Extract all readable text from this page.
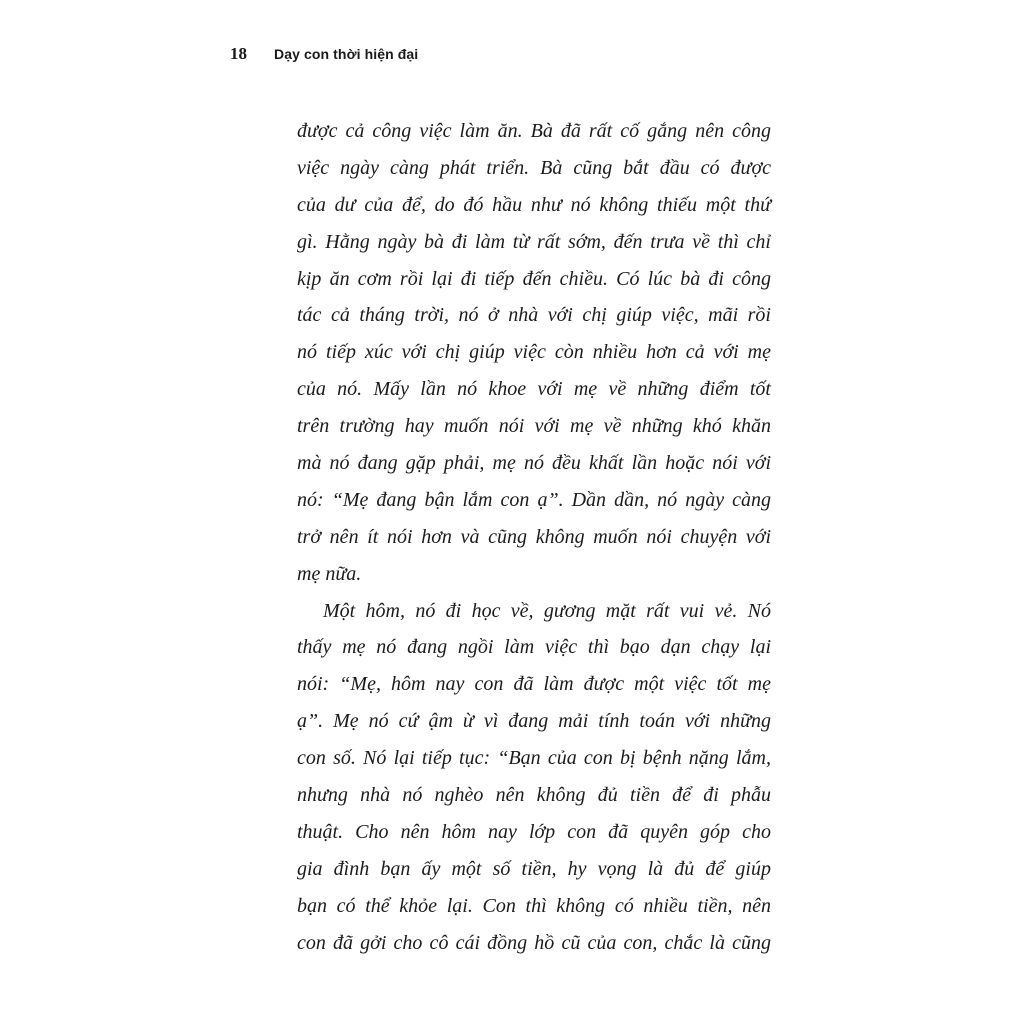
18 Dạy con thời hiện đại
được cả công việc làm ăn. Bà đã rất cố gắng nên công
việc ngày càng phát triển. Bà cũng bắt đầu có được
của dư của để, do đó hầu như nó không thiếu một thứ
gì. Hằng ngày bà đi làm từ rất sớm, đến trưa về thì chỉ
kịp ăn cơm rồi lại đi tiếp đến chiều. Có lúc bà đi công
tác cả tháng trời, nó ở nhà với chị giúp việc, mãi rồi
nó tiếp xúc với chị giúp việc còn nhiều hơn cả với mẹ
của nó. Mấy lần nó khoe với mẹ về những điểm tốt
trên trường hay muốn nói với mẹ về những khó khăn
mà nó đang gặp phải, mẹ nó đều khất lần hoặc nói với
nó: “Mẹ đang bận lắm con ạ”. Dần dần, nó ngày càng
trở nên ít nói hơn và cũng không muốn nói chuyện với
mẹ nữa.
Một hôm, nó đi học về, gương mặt rất vui vẻ. Nó
thấy mẹ nó đang ngồi làm việc thì bạo dạn chạy lại
nói: “Mẹ, hôm nay con đã làm được một việc tốt mẹ
ạ”. Mẹ nó cứ ậm ừ vì đang mải tính toán với những
con số. Nó lại tiếp tục: “Bạn của con bị bệnh nặng lắm,
nhưng nhà nó nghèo nên không đủ tiền để đi phẫu
thuật. Cho nên hôm nay lớp con đã quyên góp cho
gia đình bạn ấy một số tiền, hy vọng là đủ để giúp
bạn có thể khỏe lại. Con thì không có nhiều tiền, nên
con đã gởi cho cô cái đồng hồ cũ của con, chắc là cũng
